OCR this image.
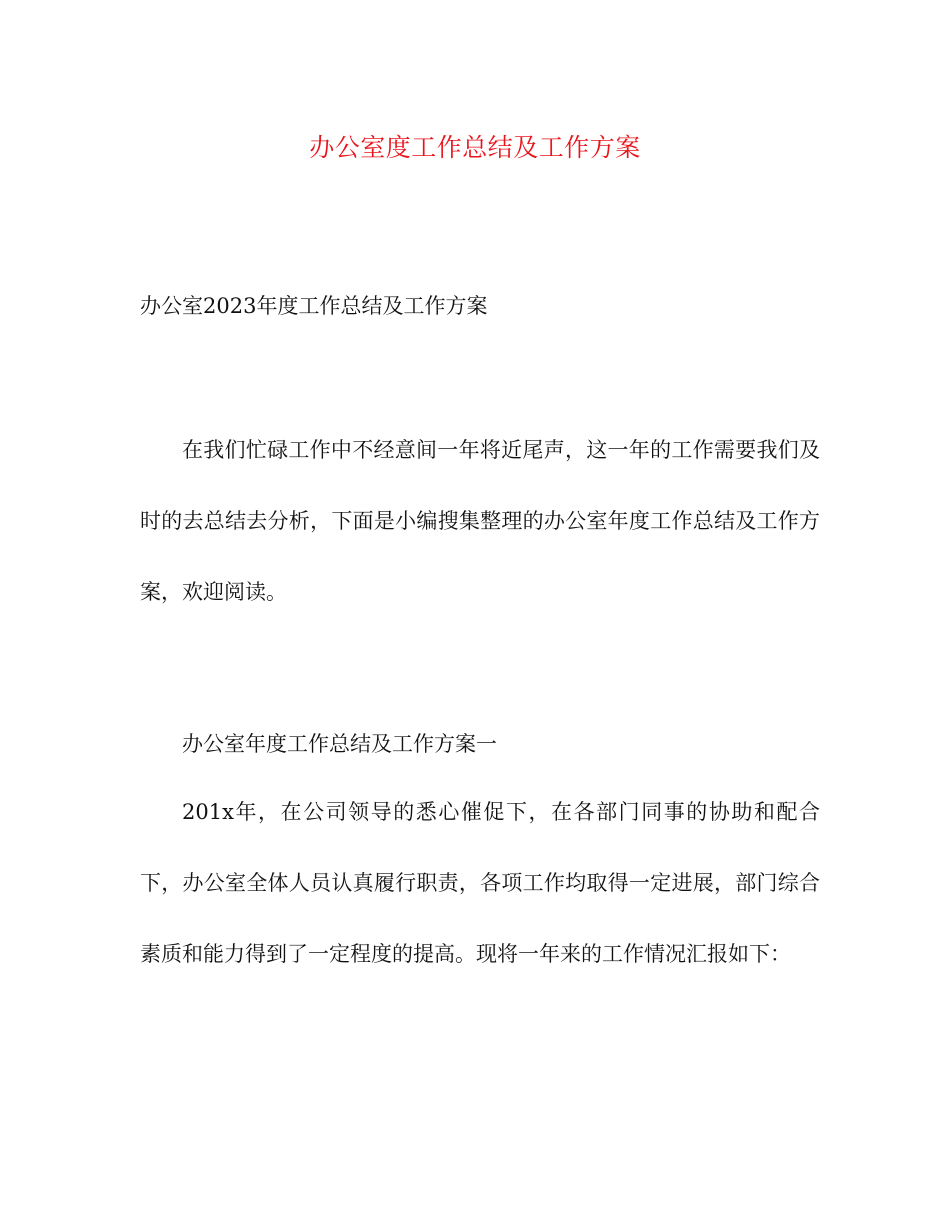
办公室度工作总结及工作方案
办公室2023年度工作总结及工作方案

在我们忙碌工作中不经意间一年将近尾声，这一年的工作需要我们及时的去总结去分析，下面是小编搜集整理的办公室年度工作总结及工作方案，欢迎阅读。

办公室年度工作总结及工作方案一

201x年，在公司领导的悉心催促下，在各部门同事的协助和配合下，办公室全体人员认真履行职责，各项工作均取得一定进展，部门综合素质和能力得到了一定程度的提高。现将一年来的工作情况汇报如下：
